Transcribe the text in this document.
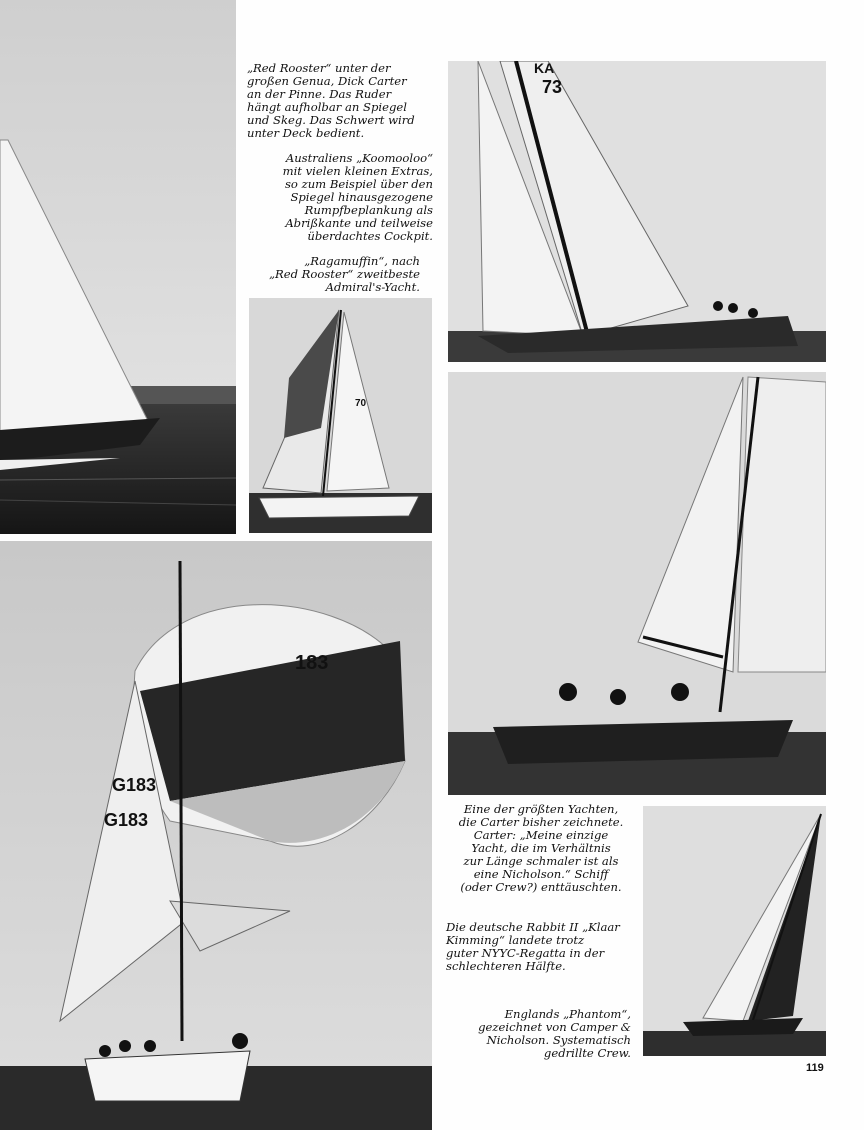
KA
73
70
183
G183
G183

„Red Rooster“ unter der
großen Genua, Dick Carter
an der Pinne. Das Ruder
hängt aufholbar an Spiegel
und Skeg. Das Schwert wird
unter Deck bedient.

Australiens „Koomooloo“
mit vielen kleinen Extras,
so zum Beispiel über den
Spiegel hinausgezogene
Rumpfbeplankung als
Abrißkante und teilweise
überdachtes Cockpit.

„Ragamuffin“, nach
„Red Rooster“ zweitbeste
Admiral's-Yacht.

Eine der größten Yachten,
die Carter bisher zeichnete.
Carter: „Meine einzige
Yacht, die im Verhältnis
zur Länge schmaler ist als
eine Nicholson.“ Schiff
(oder Crew?) enttäuschten.

Die deutsche Rabbit II „Klaar
Kimming“ landete trotz
guter NYYC-Regatta in der
schlechteren Hälfte.

Englands „Phantom“,
gezeichnet von Camper &
Nicholson. Systematisch
gedrillte Crew.

119
